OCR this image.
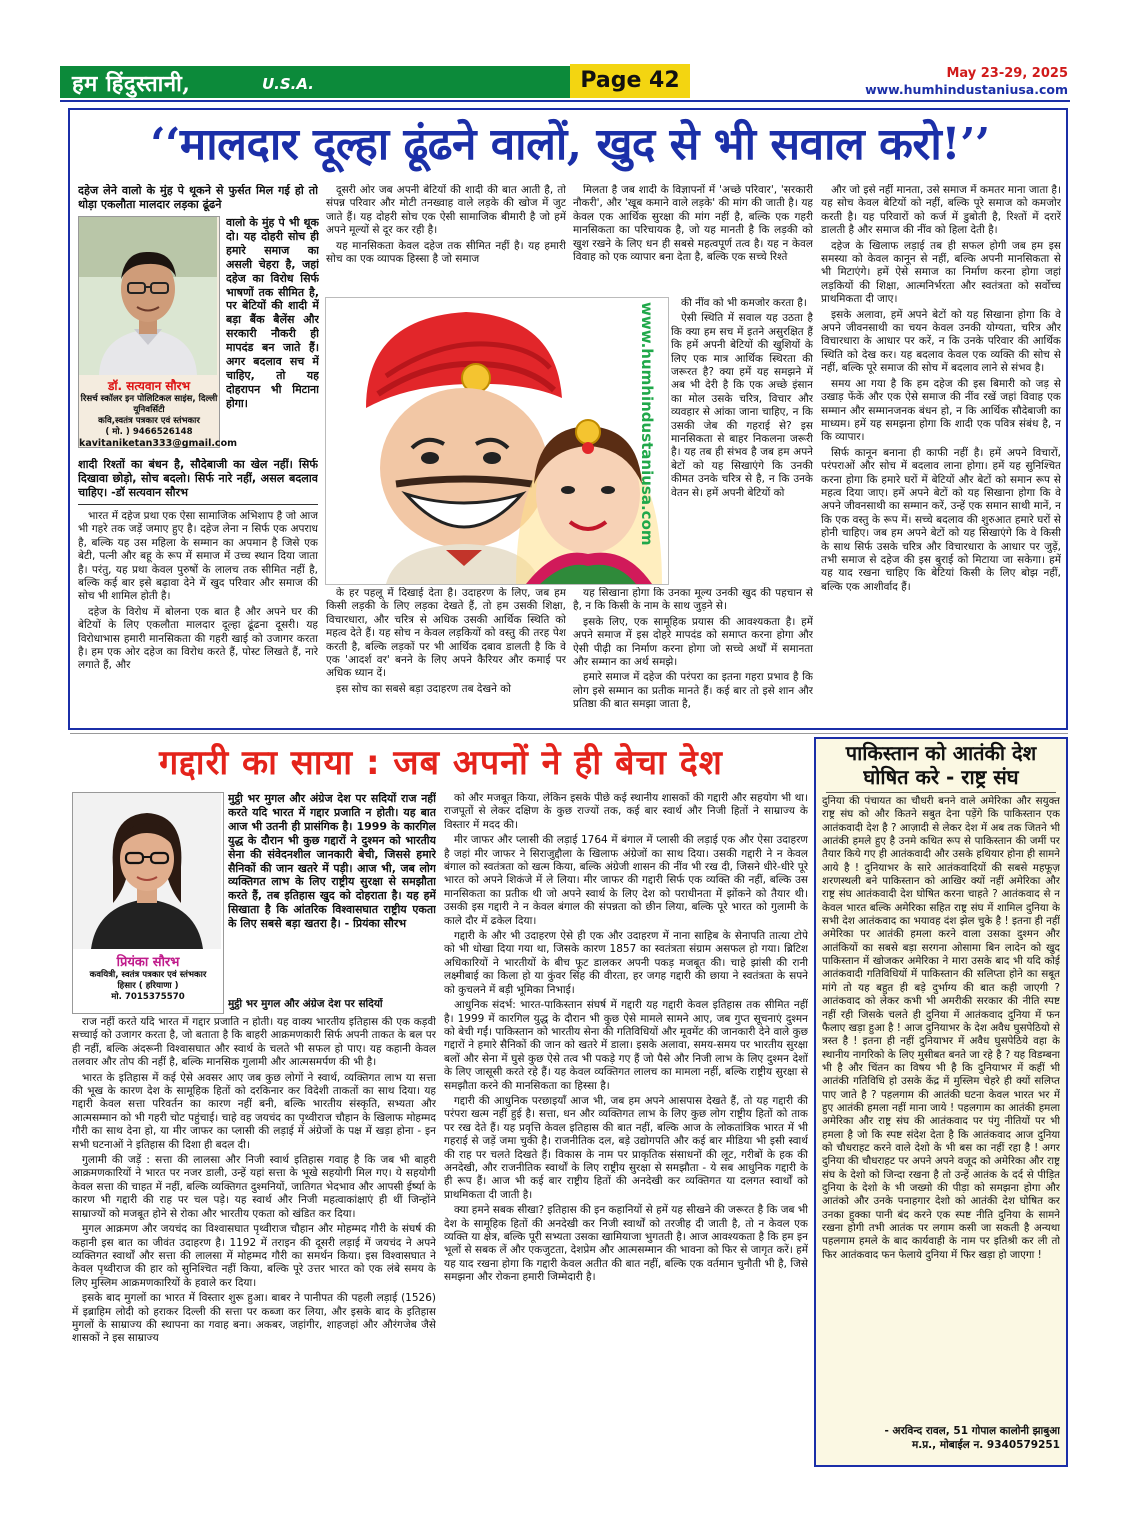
हम हिंदुस्तानी,	U.S.A.	Page 42	May 23-29, 2025
www.humhindustaniusa.com
‘‘मालदार दूल्हा ढूंढने वालों, खुद से भी सवाल करो!’’

दहेज लेने वालो के मुंह पे थूकने से फुर्सत मिल गई हो तो थोड़ा एकलौता मालदार लड़का ढूंढने

डॉ. सत्यवान सौरभ
रिसर्च स्कॉलर इन पोलिटिकल साइंस, दिल्ली यूनिवर्सिटी
कवि,स्वतंत्र पत्रकार एवं स्तंभकार
( मो. ) 9466526148
kavitaniketan333@gmail.com

वालो के मुंह पे भी थूक दो। यह दोहरी सोच ही हमारे समाज का असली चेहरा है, जहां दहेज का विरोध सिर्फ भाषणों तक सीमित है, पर बेटियों की शादी में बड़ा बैंक बैलेंस और सरकारी नौकरी ही मापदंड बन जाते हैं। अगर बदलाव सच में चाहिए, तो यह दोहरापन भी मिटाना होगा।

शादी रिश्तों का बंधन है, सौदेबाजी का खेल नहीं। सिर्फ दिखावा छोड़ो, सोच बदलो। सिर्फ नारे नहीं, असल बदलाव चाहिए। -डॉ सत्यवान सौरभ

भारत में दहेज प्रथा एक ऐसा सामाजिक अभिशाप है जो आज भी गहरे तक जड़ें जमाए हुए है। दहेज लेना न सिर्फ एक अपराध है, बल्कि यह उस महिला के सम्मान का अपमान है जिसे एक बेटी, पत्नी और बहू के रूप में समाज में उच्च स्थान दिया जाता है। परंतु, यह प्रथा केवल पुरुषों के लालच तक सीमित नहीं है, बल्कि कई बार इसे बढ़ावा देने में खुद परिवार और समाज की सोच भी शामिल होती है।

दहेज के विरोध में बोलना एक बात है और अपने घर की बेटियों के लिए एकलौता मालदार दूल्हा ढूंढना दूसरी। यह विरोधाभास हमारी मानसिकता की गहरी खाई को उजागर करता है। हम एक ओर दहेज का विरोध करते हैं, पोस्ट लिखते हैं, नारे लगाते हैं, और

दूसरी ओर जब अपनी बेटियों की शादी की बात आती है, तो संपन्न परिवार और मोटी तनख्वाह वाले लड़के की खोज में जुट जाते हैं। यह दोहरी सोच एक ऐसी सामाजिक बीमारी है जो हमें अपने मूल्यों से दूर कर रही है।

यह मानसिकता केवल दहेज तक सीमित नहीं है। यह हमारी सोच का एक व्यापक हिस्सा है जो समाज

www.humhindustaniusa.com

मिलता है जब शादी के विज्ञापनों में 'अच्छे परिवार', 'सरकारी नौकरी', और 'खूब कमाने वाले लड़के' की मांग की जाती है। यह केवल एक आर्थिक सुरक्षा की मांग नहीं है, बल्कि एक गहरी मानसिकता का परिचायक है, जो यह मानती है कि लड़की को खुश रखने के लिए धन ही सबसे महत्वपूर्ण तत्व है। यह न केवल विवाह को एक व्यापार बना देता है, बल्कि एक सच्चे रिश्ते

की नींव को भी कमजोर करता है।

ऐसी स्थिति में सवाल यह उठता है कि क्या हम सच में इतने असुरक्षित हैं कि हमें अपनी बेटियों की खुशियों के लिए एक मात्र आर्थिक स्थिरता की जरूरत है? क्या हमें यह समझने में अब भी देरी है कि एक अच्छे इंसान का मोल उसके चरित्र, विचार और व्यवहार से आंका जाना चाहिए, न कि उसकी जेब की गहराई से? इस मानसिकता से बाहर निकलना जरूरी है। यह तब ही संभव है जब हम अपने बेटों को यह सिखाएंगे कि उनकी कीमत उनके चरित्र से है, न कि उनके वेतन से। हमें अपनी बेटियों को

के हर पहलू में दिखाई देता है। उदाहरण के लिए, जब हम किसी लड़की के लिए लड़का देखते हैं, तो हम उसकी शिक्षा, विचारधारा, और चरित्र से अधिक उसकी आर्थिक स्थिति को महत्व देते हैं। यह सोच न केवल लड़कियों को वस्तु की तरह पेश करती है, बल्कि लड़कों पर भी आर्थिक दबाव डालती है कि वे एक 'आदर्श वर' बनने के लिए अपने कैरियर और कमाई पर अधिक ध्यान दें।

इस सोच का सबसे बड़ा उदाहरण तब देखने को

यह सिखाना होगा कि उनका मूल्य उनकी खुद की पहचान से है, न कि किसी के नाम के साथ जुड़ने से।

इसके लिए, एक सामूहिक प्रयास की आवश्यकता है। हमें अपने समाज में इस दोहरे मापदंड को समाप्त करना होगा और ऐसी पीढ़ी का निर्माण करना होगा जो सच्चे अर्थों में समानता और सम्मान का अर्थ समझे।

हमारे समाज में दहेज की परंपरा का इतना गहरा प्रभाव है कि लोग इसे सम्मान का प्रतीक मानते हैं। कई बार तो इसे शान और प्रतिष्ठा की बात समझा जाता है,

और जो इसे नहीं मानता, उसे समाज में कमतर माना जाता है। यह सोच केवल बेटियों को नहीं, बल्कि पूरे समाज को कमजोर करती है। यह परिवारों को कर्ज में डुबोती है, रिश्तों में दरारें डालती है और समाज की नींव को हिला देती है।

दहेज के खिलाफ लड़ाई तब ही सफल होगी जब हम इस समस्या को केवल कानून से नहीं, बल्कि अपनी मानसिकता से भी मिटाएंगे। हमें ऐसे समाज का निर्माण करना होगा जहां लड़कियों की शिक्षा, आत्मनिर्भरता और स्वतंत्रता को सर्वोच्च प्राथमिकता दी जाए।

इसके अलावा, हमें अपने बेटों को यह सिखाना होगा कि वे अपने जीवनसाथी का चयन केवल उनकी योग्यता, चरित्र और विचारधारा के आधार पर करें, न कि उनके परिवार की आर्थिक स्थिति को देख कर। यह बदलाव केवल एक व्यक्ति की सोच से नहीं, बल्कि पूरे समाज की सोच में बदलाव लाने से संभव है।

समय आ गया है कि हम दहेज की इस बिमारी को जड़ से उखाड़ फेंकें और एक ऐसे समाज की नींव रखें जहां विवाह एक सम्मान और सम्मानजनक बंधन हो, न कि आर्थिक सौदेबाजी का माध्यम। हमें यह समझना होगा कि शादी एक पवित्र संबंध है, न कि व्यापार।

सिर्फ कानून बनाना ही काफी नहीं है। हमें अपने विचारों, परंपराओं और सोच में बदलाव लाना होगा। हमें यह सुनिश्चित करना होगा कि हमारे घरों में बेटियों और बेटों को समान रूप से महत्व दिया जाए। हमें अपने बेटों को यह सिखाना होगा कि वे अपने जीवनसाथी का सम्मान करें, उन्हें एक समान साथी मानें, न कि एक वस्तु के रूप में। सच्चे बदलाव की शुरुआत हमारे घरों से होनी चाहिए। जब हम अपने बेटों को यह सिखाएंगे कि वे किसी के साथ सिर्फ उसके चरित्र और विचारधारा के आधार पर जुड़ें, तभी समाज से दहेज की इस बुराई को मिटाया जा सकेगा। हमें यह याद रखना चाहिए कि बेटियां किसी के लिए बोझ नहीं, बल्कि एक आशीर्वाद हैं।

गद्दारी का साया : जब अपनों ने ही बेचा देश
प्रियंका सौरभ
कवयित्री, स्वतंत्र पत्रकार एवं स्तंभकार
हिसार ( हरियाणा )
मो. 7015375570

मुट्ठी भर मुगल और अंग्रेज देश पर सदियों राज नहीं करते यदि भारत में गद्दार प्रजाति न होती। यह बात आज भी उतनी ही प्रासंगिक है। 1999 के कारगिल युद्ध के दौरान भी कुछ गद्दारों ने दुश्मन को भारतीय सेना की संवेदनशील जानकारी बेची, जिससे हमारे सैनिकों की जान खतरे में पड़ी। आज भी, जब लोग व्यक्तिगत लाभ के लिए राष्ट्रीय सुरक्षा से समझौता करते हैं, तब इतिहास खुद को दोहराता है। यह हमें सिखाता है कि आंतरिक विश्वासघात राष्ट्रीय एकता के लिए सबसे बड़ा खतरा है। - प्रियंका सौरभ

मुट्ठी भर मुगल और अंग्रेज देश पर सदियों

राज नहीं करते यदि भारत में गद्दार प्रजाति न होती। यह वाक्य भारतीय इतिहास की एक कड़वी सच्चाई को उजागर करता है, जो बताता है कि बाहरी आक्रमणकारी सिर्फ अपनी ताकत के बल पर ही नहीं, बल्कि अंदरूनी विश्वासघात और स्वार्थ के चलते भी सफल हो पाए। यह कहानी केवल तलवार और तोप की नहीं है, बल्कि मानसिक गुलामी और आत्मसमर्पण की भी है।

भारत के इतिहास में कई ऐसे अवसर आए जब कुछ लोगों ने स्वार्थ, व्यक्तिगत लाभ या सत्ता की भूख के कारण देश के सामूहिक हितों को दरकिनार कर विदेशी ताकतों का साथ दिया। यह गद्दारी केवल सत्ता परिवर्तन का कारण नहीं बनी, बल्कि भारतीय संस्कृति, सभ्यता और आत्मसम्मान को भी गहरी चोट पहुंचाई। चाहे वह जयचंद का पृथ्वीराज चौहान के खिलाफ मोहम्मद गौरी का साथ देना हो, या मीर जाफर का प्लासी की लड़ाई में अंग्रेजों के पक्ष में खड़ा होना - इन सभी घटनाओं ने इतिहास की दिशा ही बदल दी।

गुलामी की जड़ें : सत्ता की लालसा और निजी स्वार्थ इतिहास गवाह है कि जब भी बाहरी आक्रमणकारियों ने भारत पर नजर डाली, उन्हें यहां सत्ता के भूखे सहयोगी मिल गए। ये सहयोगी केवल सत्ता की चाहत में नहीं, बल्कि व्यक्तिगत दुश्मनियों, जातिगत भेदभाव और आपसी ईर्ष्या के कारण भी गद्दारी की राह पर चल पड़े। यह स्वार्थ और निजी महत्वाकांक्षाएं ही थीं जिन्होंने साम्राज्यों को मजबूत होने से रोका और भारतीय एकता को खंडित कर दिया।

मुगल आक्रमण और जयचंद का विश्वासघात पृथ्वीराज चौहान और मोहम्मद गौरी के संघर्ष की कहानी इस बात का जीवंत उदाहरण है। 1192 में तराइन की दूसरी लड़ाई में जयचंद ने अपने व्यक्तिगत स्वार्थों और सत्ता की लालसा में मोहम्मद गौरी का समर्थन किया। इस विश्वासघात ने केवल पृथ्वीराज की हार को सुनिश्चित नहीं किया, बल्कि पूरे उत्तर भारत को एक लंबे समय के लिए मुस्लिम आक्रमणकारियों के हवाले कर दिया।

इसके बाद मुगलों का भारत में विस्तार शुरू हुआ। बाबर ने पानीपत की पहली लड़ाई (1526) में इब्राहिम लोदी को हराकर दिल्ली की सत्ता पर कब्जा कर लिया, और इसके बाद के इतिहास मुगलों के साम्राज्य की स्थापना का गवाह बना। अकबर, जहांगीर, शाहजहां और औरंगजेब जैसे शासकों ने इस साम्राज्य

को और मजबूत किया, लेकिन इसके पीछे कई स्थानीय शासकों की गद्दारी और सहयोग भी था। राजपूतों से लेकर दक्षिण के कुछ राज्यों तक, कई बार स्वार्थ और निजी हितों ने साम्राज्य के विस्तार में मदद की।

मीर जाफर और प्लासी की लड़ाई 1764 में बंगाल में प्लासी की लड़ाई एक और ऐसा उदाहरण है जहां मीर जाफर ने सिराजुद्दौला के खिलाफ अंग्रेजों का साथ दिया। उसकी गद्दारी ने न केवल बंगाल को स्वतंत्रता को खत्म किया, बल्कि अंग्रेजी शासन की नींव भी रख दी, जिसने धीरे-धीरे पूरे भारत को अपने शिकंजे में ले लिया। मीर जाफर की गद्दारी सिर्फ एक व्यक्ति की नहीं, बल्कि उस मानसिकता का प्रतीक थी जो अपने स्वार्थ के लिए देश को पराधीनता में झोंकने को तैयार थी। उसकी इस गद्दारी ने न केवल बंगाल की संपन्नता को छीन लिया, बल्कि पूरे भारत को गुलामी के काले दौर में ढकेल दिया।

गद्दारी के और भी उदाहरण ऐसे ही एक और उदाहरण में नाना साहिब के सेनापति तात्या टोपे को भी धोखा दिया गया था, जिसके कारण 1857 का स्वतंत्रता संग्राम असफल हो गया। ब्रिटिश अधिकारियों ने भारतीयों के बीच फूट डालकर अपनी पकड़ मजबूत की। चाहे झांसी की रानी लक्ष्मीबाई का किला हो या कुंवर सिंह की वीरता, हर जगह गद्दारी की छाया ने स्वतंत्रता के सपने को कुचलने में बड़ी भूमिका निभाई।

आधुनिक संदर्भ: भारत-पाकिस्तान संघर्ष में गद्दारी यह गद्दारी केवल इतिहास तक सीमित नहीं है। 1999 में कारगिल युद्ध के दौरान भी कुछ ऐसे मामले सामने आए, जब गुप्त सूचनाएं दुश्मन को बेची गईं। पाकिस्तान को भारतीय सेना की गतिविधियों और मूवमेंट की जानकारी देने वाले कुछ गद्दारों ने हमारे सैनिकों की जान को खतरे में डाला। इसके अलावा, समय-समय पर भारतीय सुरक्षा बलों और सेना में घुसे कुछ ऐसे तत्व भी पकड़े गए हैं जो पैसे और निजी लाभ के लिए दुश्मन देशों के लिए जासूसी करते रहे हैं। यह केवल व्यक्तिगत लालच का मामला नहीं, बल्कि राष्ट्रीय सुरक्षा से समझौता करने की मानसिकता का हिस्सा है।

गद्दारी की आधुनिक परछाइयाँ आज भी, जब हम अपने आसपास देखते हैं, तो यह गद्दारी की परंपरा खत्म नहीं हुई है। सत्ता, धन और व्यक्तिगत लाभ के लिए कुछ लोग राष्ट्रीय हितों को ताक पर रख देते हैं। यह प्रवृत्ति केवल इतिहास की बात नहीं, बल्कि आज के लोकतांत्रिक भारत में भी गहराई से जड़ें जमा चुकी है। राजनीतिक दल, बड़े उद्योगपति और कई बार मीडिया भी इसी स्वार्थ की राह पर चलते दिखते हैं। विकास के नाम पर प्राकृतिक संसाधनों की लूट, गरीबों के हक की अनदेखी, और राजनीतिक स्वार्थों के लिए राष्ट्रीय सुरक्षा से समझौता - ये सब आधुनिक गद्दारी के ही रूप हैं। आज भी कई बार राष्ट्रीय हितों की अनदेखी कर व्यक्तिगत या दलगत स्वार्थों को प्राथमिकता दी जाती है।

क्या हमने सबक सीखा? इतिहास की इन कहानियों से हमें यह सीखने की जरूरत है कि जब भी देश के सामूहिक हितों की अनदेखी कर निजी स्वार्थों को तरजीह दी जाती है, तो न केवल एक व्यक्ति या क्षेत्र, बल्कि पूरी सभ्यता उसका खामियाजा भुगतती है। आज आवश्यकता है कि हम इन भूलों से सबक लें और एकजुटता, देशप्रेम और आत्मसम्मान की भावना को फिर से जागृत करें। हमें यह याद रखना होगा कि गद्दारी केवल अतीत की बात नहीं, बल्कि एक वर्तमान चुनौती भी है, जिसे समझना और रोकना हमारी जिम्मेदारी है।

पाकिस्तान को आतंकी देश
घोषित करे - राष्ट्र संघ

दुनिया की पंचायत का चौधरी बनने वाले अमेरिका और सयुक्त राष्ट्र संघ को और कितने सबुत देना पड़ेंगे कि पाकिस्तान एक आतंकवादी देश है ? आज़ादी से लेकर देश में अब तक जितने भी आतंकी हमले हुए है उनमे कथित रूप से पाकिस्तान की जमीं पर तैयार किये गए ही आतंकवादी और उसके हथियार होना ही सामने आये है ! दुनियाभर के सारे आतंकवादियों की सबसे महफूज़ शरणस्थली बने पाकिस्तान को आखिर क्यों नहीं अमेरिका और राष्ट्र संघ आतंकवादी देश घोषित करना चाहते ? आतंकवाद से न केवल भारत बल्कि अमेरिका सहित राष्ट्र संघ में शामिल दुनिया के सभी देश आतंकवाद का भयावह दंश झेल चुके है ! इतना ही नहीं अमेरिका पर आतंकी हमला करने वाला उसका दुश्मन और आतंकियों का सबसे बड़ा सरगना ओसामा बिन लादेन को खुद पाकिस्तान में खोजकर अमेरिका ने मारा उसके बाद भी यदि कोई आतंकवादी गतिविधियों में पाकिस्तान की सलिप्ता होने का सबूत मांगे तो यह बहुत ही बड़े दुर्भाग्य की बात कही जाएगी ? आतंकवाद को लेकर कभी भी अमरीकी सरकार की नीति स्पष्ट नहीं रही जिसके चलते ही दुनिया में आतंकवाद दुनिया में फन फैलाए खड़ा हुआ है ! आज दुनियाभर के देश अवैध घुसपेठियो से त्रस्त है ! इतना ही नहीं दुनियाभर में अवैध घुसपेठिये वहा के स्थानीय नागरिको के लिए मुसीबत बनते जा रहे है ? यह विडम्बना भी है और चिंतन का विषय भी है कि दुनियाभर में कहीं भी आतंकी गतिविधि हो उसके केंद्र में मुस्लिम चेहरे ही क्यों सलिप्त पाए जाते है ? पहलगाम की आतंकी घटना केवल भारत भर में हुए आतंकी हमला नहीं माना जाये ! पहलगाम का आतंकी हमला अमेरिका और राष्ट्र संघ की आतंकवाद पर पंगु नीतियों पर भी हमला है जो कि स्पष्ट संदेश देता है कि आतंकवाद आज दुनिया को चौधराहट करने वाले देशो के भी बस का नहीं रहा है ! अगर दुनिया की चौधराहट पर अपने अपने वजूद को अमेरिका और राष्ट्र संघ के देशो को जिन्दा रखना है तो उन्हें आतंक के दर्द से पीड़ित दुनिया के देशो के भी जख्मो की पीड़ा को समझना होगा और आतंको और उनके पनाहगार देशो को आतंकी देश घोषित कर उनका हुक्का पानी बंद करने एक स्पष्ट नीति दुनिया के सामने रखना होगी तभी आतंक पर लगाम कसी जा सकती है अन्यथा पहलगाम हमले के बाद कार्यवाही के नाम पर इतिश्री कर ली तो फिर आतंकवाद फन फेलाये दुनिया में फिर खड़ा हो जाएगा !

- अरविन्द रावल, 51 गोपाल कालोनी झाबुआ
म.प्र., मोबाईल न. 9340579251
